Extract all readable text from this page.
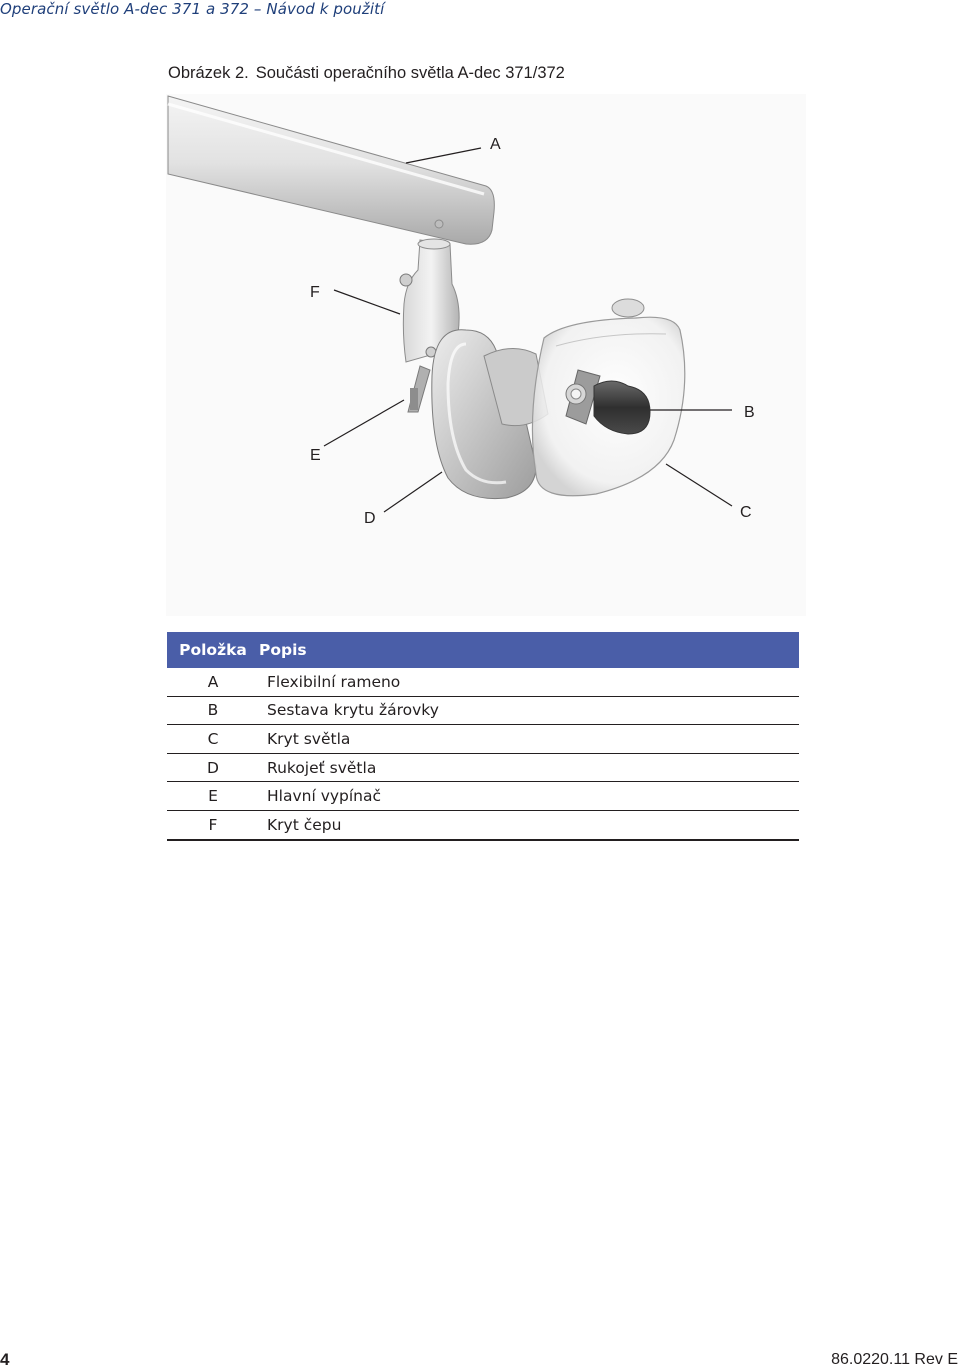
Operační světlo A-dec 371 a 372 – Návod k použití
Obrázek 2. Součásti operačního světla A-dec 371/372
A
F
B
E
D	C
Položka	Popis
A	Flexibilní rameno
B	Sestava krytu žárovky
C	Kryt světla
D	Rukojeť světla
E	Hlavní vypínač
F	Kryt čepu
4	86.0220.11 Rev E
